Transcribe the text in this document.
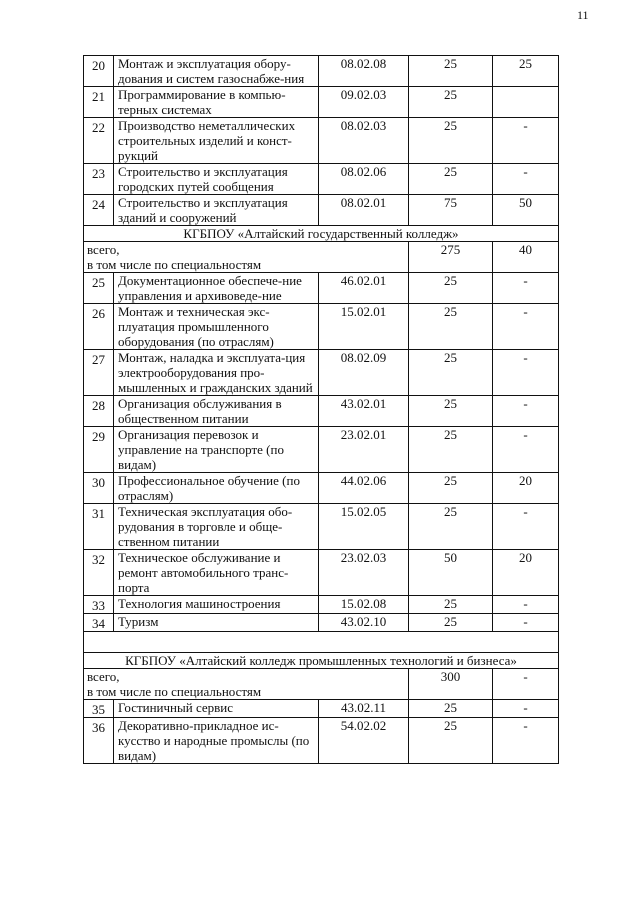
11
20	Монтаж и эксплуатация обору-дования и систем газоснабже-ния	08.02.08	25	25
21	Программирование в компью-терных системах	09.02.03	25	
22	Производство неметаллических строительных изделий и конст-рукций	08.02.03	25	-
23	Строительство и эксплуатация городских путей сообщения	08.02.06	25	-
24	Строительство и эксплуатация зданий и сооружений	08.02.01	75	50
КГБПОУ «Алтайский государственный колледж»				
всего,
в том числе по специальностям			275	40
25	Документационное обеспече-ние управления и архивоведе-ние	46.02.01	25	-
26	Монтаж и техническая экс-плуатация промышленного оборудования (по отраслям)	15.02.01	25	-
27	Монтаж, наладка и эксплуата-ция электрооборудования про-мышленных и гражданских зданий	08.02.09	25	-
28	Организация обслуживания в общественном питании	43.02.01	25	-
29	Организация перевозок и управление на транспорте (по видам)	23.02.01	25	-
30	Профессиональное обучение (по отраслям)	44.02.06	25	20
31	Техническая эксплуатация обо-рудования в торговле и обще-ственном питании	15.02.05	25	-
32	Техническое обслуживание и ремонт автомобильного транс-порта	23.02.03	50	20
33	Технология машиностроения	15.02.08	25	-
34	Туризм	43.02.10	25	-

КГБПОУ «Алтайский колледж промышленных технологий и бизнеса»				
всего,
в том числе по специальностям			300	-
35	Гостиничный сервис	43.02.11	25	-
36	Декоративно-прикладное ис-кусство и народные промыслы (по видам)	54.02.02	25	-
